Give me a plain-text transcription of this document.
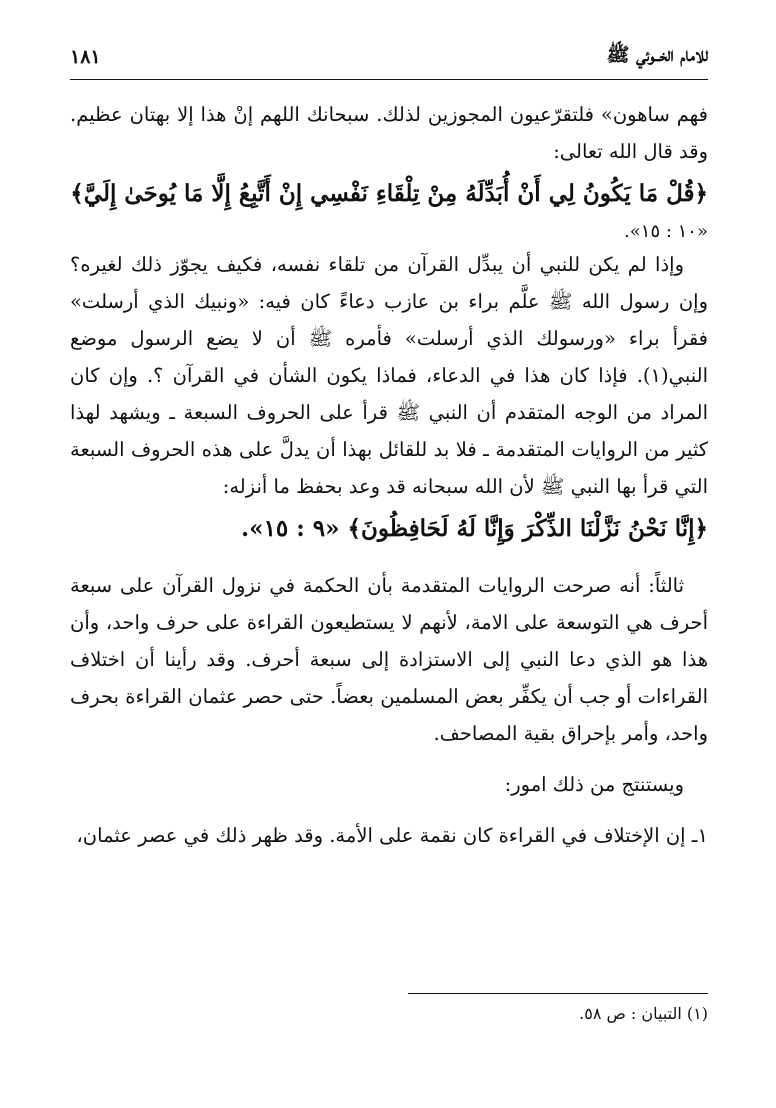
للامام الخــوئي ﷺ
١٨١

فهم ساهون» فلتقرّعيون المجوزين لذلك. سبحانك اللهم إنْ هذا إلا بهتان عظيم. وقد قال الله تعالى:

﴿قُلْ مَا يَكُونُ لِي أَنْ أُبَدِّلَهُ مِنْ تِلْقَاءِ نَفْسِي إِنْ أَتَّبِعُ إِلَّا مَا يُوحَىٰ إِلَيَّ﴾

«١٠ : ١٥».

وإذا لم يكن للنبي أن يبدِّل القرآن من تلقاء نفسه، فكيف يجوّز ذلك لغيره؟ وإن رسول الله ﷺ علَّم براء بن عازب دعاءً كان فيه: «ونبيك الذي أرسلت» فقرأ براء «ورسولك الذي أرسلت» فأمره ﷺ أن لا يضع الرسول موضع النبي(١). فإذا كان هذا في الدعاء، فماذا يكون الشأن في القرآن ؟. وإن كان المراد من الوجه المتقدم أن النبي ﷺ قرأ على الحروف السبعة ـ ويشهد لهذا كثير من الروايات المتقدمة ـ فلا بد للقائل بهذا أن يدلَّ على هذه الحروف السبعة التي قرأ بها النبي ﷺ لأن الله سبحانه قد وعد بحفظ ما أنزله:

﴿إِنَّا نَحْنُ نَزَّلْنَا الذِّكْرَ وَإِنَّا لَهُ لَحَافِظُونَ﴾ «٩ : ١٥».

ثالثاً: أنه صرحت الروايات المتقدمة بأن الحكمة في نزول القرآن على سبعة أحرف هي التوسعة على الامة، لأنهم لا يستطيعون القراءة على حرف واحد، وأن هذا هو الذي دعا النبي إلى الاستزادة إلى سبعة أحرف. وقد رأينا أن اختلاف القراءات أو جب أن يكفِّر بعض المسلمين بعضاً. حتى حصر عثمان القراءة بحرف واحد، وأمر بإحراق بقية المصاحف.

ويستنتج من ذلك امور:

١ـ إن الإختلاف في القراءة كان نقمة على الأمة. وقد ظهر ذلك في عصر عثمان،

(١) التبيان : ص ٥٨.
